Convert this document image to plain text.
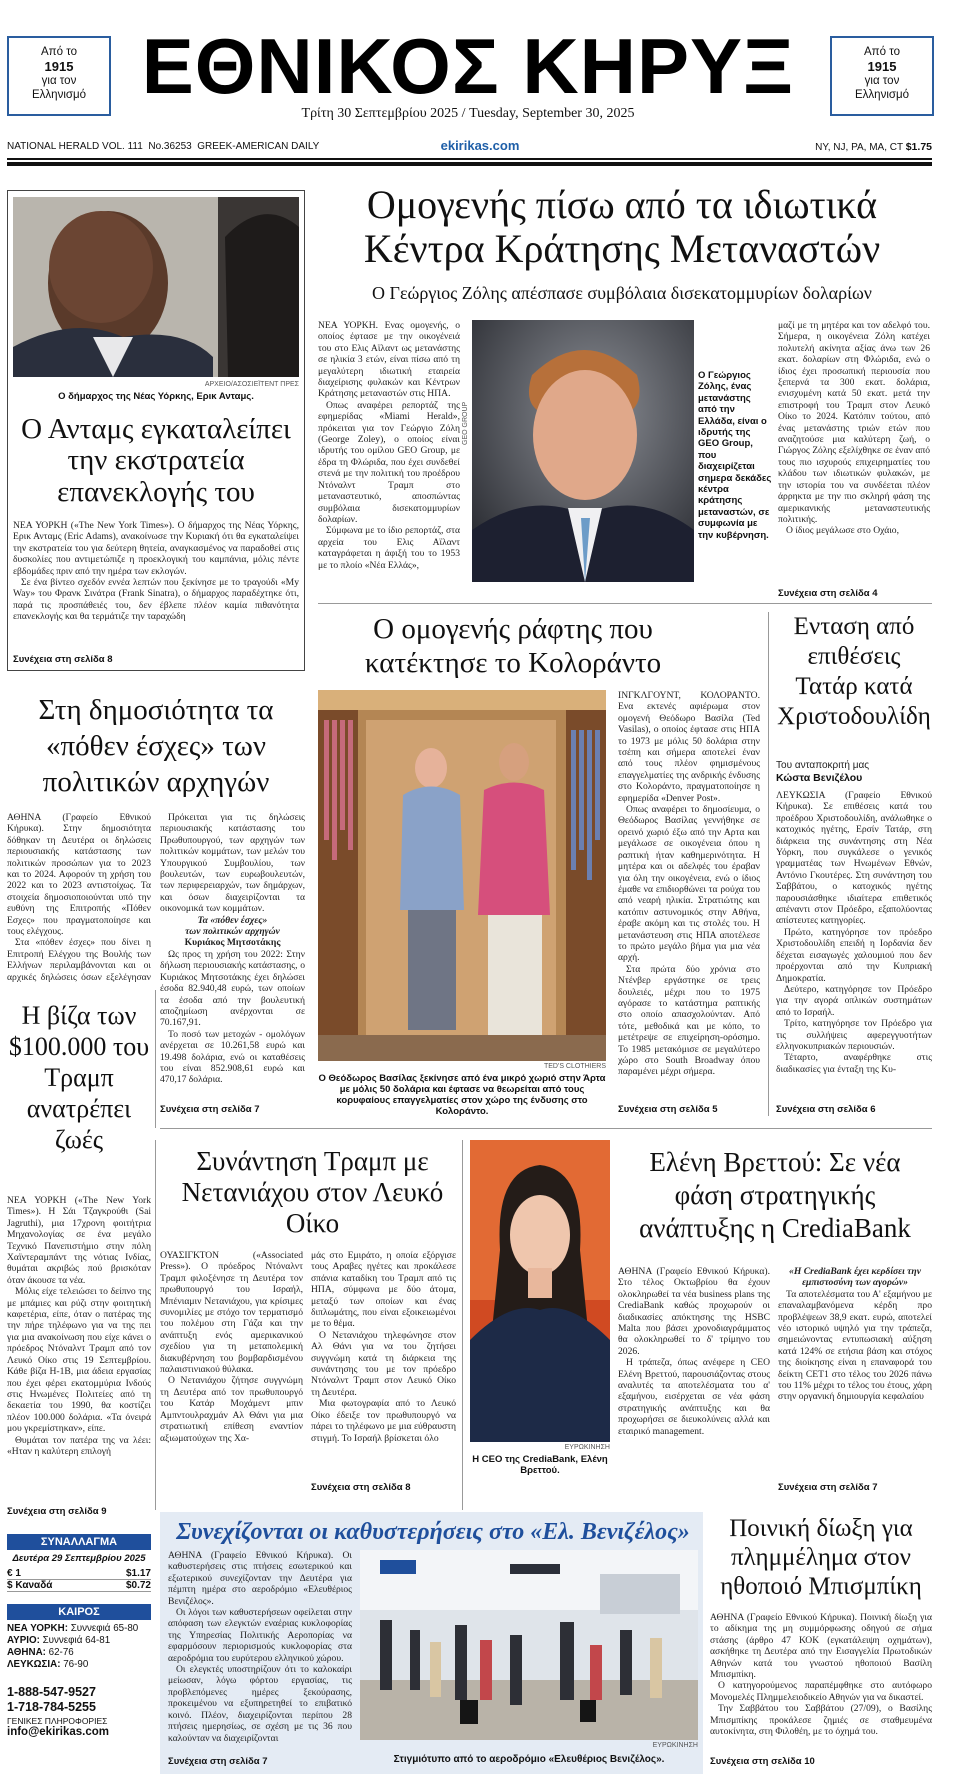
Από το
1915
για τον
Ελληνισμό
Από το
1915
για τον
Ελληνισμό
ΕΘΝΙΚΟΣ ΚΗΡΥΞ
Τρίτη 30 Σεπτεμβρίου 2025 / Tuesday, September 30, 2025
NATIONAL HERALD VOL. 111  No.36253  GREEK-AMERICAN DAILY	ekirikas.com	NY, NJ, PA, MA, CT $1.75
ΑΡΧΕΙΟ/ΑΣΟΣΙΕΪΤΕΝΤ ΠΡΕΣ
Ο δήμαρχος της Νέας Υόρκης, Ερικ Ανταμς.
Ο Ανταμς εγκαταλείπει την εκστρατεία επανεκλογής του

ΝΕΑ ΥΟΡΚΗ («The New York Times»). Ο δήμαρχος της Νέας Υόρκης, Ερικ Ανταμς (Eric Adams), ανακοίνωσε την Κυριακή ότι θα εγκαταλείψει την εκστρατεία του για δεύτερη θητεία, αναγκασμένος να παραδοθεί στις δυσκολίες που αντιμετώπιζε η προεκλογική του καμπάνια, μόλις πέντε εβδομάδες πριν από την ημέρα των εκλογών.

Σε ένα βίντεο σχεδόν εννέα λεπτών που ξεκίνησε με το τραγούδι «My Way» του Φρανκ Σινάτρα (Frank Sinatra), ο δήμαρχος παραδέχτηκε ότι, παρά τις προσπάθειές του, δεν έβλεπε πλέον καμία πιθανότητα επανεκλογής και θα τερμάτιζε την ταραχώδη

Συνέχεια στη σελίδα 8
Ομογενής πίσω από τα ιδιωτικά Κέντρα Κράτησης Μεταναστών
Ο Γεώργιος Ζόλης απέσπασε συμβόλαια δισεκατομμυρίων δολαρίων

ΝΕΑ ΥΟΡΚΗ. Ενας ομογενής, ο οποίος έφτασε με την οικογένειά του στο Ελις Αϊλαντ ως μετανάστης σε ηλικία 3 ετών, είναι πίσω από τη μεγαλύτερη ιδιωτική εταιρεία διαχείρισης φυλακών και Κέντρων Κράτησης μεταναστών στις ΗΠΑ.

Οπως αναφέρει ρεπορτάζ της εφημερίδας «Miami Herald», πρόκειται για τον Γεώργιο Ζόλη (George Zoley), ο οποίος είναι ιδρυτής του ομίλου GEO Group, με έδρα τη Φλώριδα, που έχει συνδεθεί στενά με την πολιτική του προέδρου Ντόναλντ Τραμπ στο μεταναστευτικό, αποσπώντας συμβόλαια δισεκατομμυρίων δολαρίων.

Σύμφωνα με το ίδιο ρεπορτάζ, στα αρχεία του Ελις Αϊλαντ καταγράφεται η άφιξή του το 1953 με το πλοίο «Νέα Ελλάς»,

GEO GROUP
Ο Γεώργιος Ζόλης, ένας μετανάστης από την Ελλάδα, είναι ο ιδρυτής της GEO Group, που διαχειρίζεται σημερα δεκάδες κέντρα κράτησης μεταναστών, σε συμφωνία με την κυβέρνηση.

μαζί με τη μητέρα και τον αδελφό του. Σήμερα, η οικογένεια Ζόλη κατέχει πολυτελή ακίνητα αξίας άνω των 26 εκατ. δολαρίων στη Φλώριδα, ενώ ο ίδιος έχει προσωπική περιουσία που ξεπερνά τα 300 εκατ. δολάρια, ενισχυμένη κατά 50 εκατ. μετά την επιστροφή του Τραμπ στον Λευκό Οίκο το 2024. Κατόπιν τούτου, από ένας μετανάστης τριών ετών που αναζητούσε μια καλύτερη ζωή, ο Γιώργος Ζόλης εξελίχθηκε σε έναν από τους πιο ισχυρούς επιχειρηματίες του κλάδου των ιδιωτικών φυλακών, με την ιστορία του να συνδέεται πλέον άρρηκτα με την πιο σκληρή φάση της αμερικανικής μεταναστευτικής πολιτικής.

Ο ίδιος μεγάλωσε στο Οχάιο,

Συνέχεια στη σελίδα 4
Ο ομογενής ράφτης που κατέκτησε το Κολοράντο
TED'S CLOTHIERS
Ο Θεόδωρος Βασίλας ξεκίνησε από ένα μικρό χωριό στην Άρτα με μόλις 50 δολάρια και έφτασε να θεωρείται από τους κορυφαίους επαγγελματίες στον χώρο της ένδυσης στο Κολοράντο.

ΙΝΓΚΛΓΟΥΝΤ, ΚΟΛΟΡΑΝΤΟ. Ενα εκτενές αφιέρωμα στον ομογενή Θεόδωρο Βασίλα (Ted Vasilas), ο οποίος έφτασε στις ΗΠΑ το 1973 με μόλις 50 δολάρια στην τσέπη και σήμερα αποτελεί έναν από τους πλέον φημισμένους επαγγελματίες της ανδρικής ένδυσης στο Κολοράντο, πραγματοποίησε η εφημερίδα «Denver Post».

Οπως αναφέρει το δημοσίευμα, ο Θεόδωρος Βασίλας γεννήθηκε σε ορεινό χωριό έξω από την Αρτα και μεγάλωσε σε οικογένεια όπου η ραπτική ήταν καθημερινότητα. Η μητέρα και οι αδελφές του έραβαν για όλη την οικογένεια, ενώ ο ίδιος έμαθε να επιδιορθώνει τα ρούχα του από νεαρή ηλικία. Στρατιώτης και κατόπιν αστυνομικός στην Αθήνα, έραβε ακόμη και τις στολές του. Η μετανάστευση στις ΗΠΑ αποτέλεσε το πρώτο μεγάλο βήμα για μια νέα αρχή.

Στα πρώτα δύο χρόνια στο Ντένβερ εργάστηκε σε τρεις δουλειές, μέχρι που το 1975 αγόρασε το κατάστημα ραπτικής στο οποίο απασχολούνταν. Από τότε, μεθοδικά και με κόπο, το μετέτρεψε σε επιχείρηση-ορόσημο. Το 1985 μετακόμισε σε μεγαλύτερο χώρο στο South Broadway όπου παραμένει μέχρι σήμερα.

Συνέχεια στη σελίδα 5
Ενταση από επιθέσεις Τατάρ κατά Χριστοδουλίδη
Του ανταποκριτή μας
Κώστα Βενιζέλου

ΛΕΥΚΩΣΙΑ (Γραφείο Εθνικού Κήρυκα). Σε επιθέσεις κατά του προέδρου Χριστοδουλίδη, ανάλωθηκε ο κατοχικός ηγέτης, Ερσίν Τατάρ, στη διάρκεια της συνάντησης στη Νέα Υόρκη, που συγκάλεσε ο γενικός γραμματέας των Ηνωμένων Εθνών, Αντόνιο Γκουτέρες. Στη συνάντηση του Σαββάτου, ο κατοχικός ηγέτης παρουσιάσθηκε ιδιαίτερα επιθετικός απέναντι στον Πρόεδρο, εξαπολύοντας απίστευτες κατηγορίες.

Πρώτο, κατηγόρησε τον πρόεδρο Χριστοδουλίδη επειδή η Ιορδανία δεν δέχεται εισαγωγές χαλουμιού που δεν προέρχονται από την Κυπριακή Δημοκρατία.

Δεύτερο, κατηγόρησε τον Πρόεδρο για την αγορά οπλικών συστημάτων από το Ισραήλ.

Τρίτο, κατηγόρησε τον Πρόεδρο για τις συλλήψεις αφερεγγυοτήτων ελληνοκυπριακών περιουσιών.

Τέταρτο, αναφέρθηκε στις διαδικασίες για ένταξη της Κυ-

Συνέχεια στη σελίδα 6
Στη δημοσιότητα τα «πόθεν έσχες» των πολιτικών αρχηγών

ΑΘΗΝΑ (Γραφείο Εθνικού Κήρυκα). Στην δημοσιότητα δόθηκαν τη Δευτέρα οι δηλώσεις περιουσιακής κατάστασης των πολιτικών προσώπων για το 2023 και το 2024. Αφορούν τη χρήση του 2022 και το 2023 αντιστοίχως. Τα στοιχεία δημοσιοποιούνται υπό την ευθύνη της Επιτροπής «Πόθεν Εσχες» που πραγματοποίησε και τους ελέγχους.

Στα «πόθεν έσχες» που δίνει η Επιτροπή Ελέγχου της Βουλής των Ελλήνων περιλαμβάνονται και οι αρχικές δηλώσεις όσων εξελέγησαν

Πρόκειται για τις δηλώσεις περιουσιακής κατάστασης του Πρωθυπουργού, των αρχηγών των πολιτικών κομμάτων, των μελών του Υπουργικού Συμβουλίου, των βουλευτών, των ευρωβουλευτών, των περιφερειαρχών, των δημάρχων, και όσων διαχειρίζονται τα οικονομικά των κομμάτων.

Τα «πόθεν έσχες»
των πολιτικών αρχηγών
Κυριάκος Μητσοτάκης

Ως προς τη χρήση του 2022: Στην δήλωση περιουσιακής κατάστασης, ο Κυριάκος Μητσοτάκης έχει δηλώσει έσοδα 82.940,48 ευρώ, των οποίων τα έσοδα από την βουλευτική αποζημίωση ανέρχονται σε 70.167,91.

Το ποσό των μετοχών - ομολόγων ανέρχεται σε 10.261,58 ευρώ και 19.498 δολάρια, ενώ οι καταθέσεις του είναι 852.908,61 ευρώ και 470,17 δολάρια.

Συνέχεια στη σελίδα 7
Η βίζα των $100.000 του Τραμπ ανατρέπει ζωές

ΝΕΑ ΥΟΡΚΗ («The New York Times»). Η Σάι Τζαγκρούθι (Sai Jagruthi), μια 17χρονη φοιτήτρια Μηχανολογίας σε ένα μεγάλο Τεχνικό Πανεπιστήμιο στην πόλη Χαϊντεραμπάντ της νότιας Ινδίας, θυμάται ακριβώς πού βρισκόταν όταν άκουσε τα νέα.

Μόλις είχε τελειώσει το δείπνο της με μπάμιες και ρύζι στην φοιτητική καφετέρια, είπε, όταν ο πατέρας της την πήρε τηλέφωνο για να της πει για μια ανακοίνωση που είχε κάνει ο πρόεδρος Ντόναλντ Τραμπ από τον Λευκό Οίκο στις 19 Σεπτεμβρίου. Κάθε βίζα H-1B, μια άδεια εργασίας που έχει φέρει εκατομμύρια Ινδούς στις Ηνωμένες Πολιτείες από τη δεκαετία του 1990, θα κοστίζει πλέον 100.000 δολάρια. «Τα όνειρά μου γκρεμίστηκαν», είπε.

Θυμάται τον πατέρα της να λέει: «Ηταν η καλύτερη επιλογή

Συνέχεια στη σελίδα 9
Συνάντηση Τραμπ με Νετανιάχου στον Λευκό Οίκο

ΟΥΑΣΙΓΚΤΟΝ («Associated Press»). Ο πρόεδρος Ντόναλντ Τραμπ φιλοξένησε τη Δευτέρα τον πρωθυπουργό του Ισραήλ, Μπένιαμιν Νετανιάχου, για κρίσιμες συνομιλίες με στόχο τον τερματισμό του πολέμου στη Γάζα και την ανάπτυξη ενός αμερικανικού σχεδίου για τη μεταπολεμική διακυβέρνηση του βομβαρδισμένου παλαιστινιακού θύλακα.

Ο Νετανιάχου ζήτησε συγγνώμη τη Δευτέρα από τον πρωθυπουργό του Κατάρ Μοχάμεντ μπιν Αμπντουλραχμάν Αλ Θάνι για μια στρατιωτική επίθεση εναντίον αξιωματούχων της Χα-

μάς στο Εμιράτο, η οποία εξόργισε τους Αραβες ηγέτες και προκάλεσε σπάνια καταδίκη του Τραμπ από τις ΗΠΑ, σύμφωνα με δύο άτομα, μεταξύ των οποίων και ένας διπλωμάτης, που είναι εξοικειωμένοι με το θέμα.

Ο Νετανιάχου τηλεφώνησε στον Αλ Θάνι για να του ζητήσει συγγνώμη κατά τη διάρκεια της συνάντησης του με τον πρόεδρο Ντόναλντ Τραμπ στον Λευκό Οίκο τη Δευτέρα.

Μια φωτογραφία από το Λευκό Οίκο έδειξε τον πρωθυπουργό να πάρει το τηλέφωνο με μια εύθραυστη στιγμή. Το Ισραήλ βρίσκεται όλο

Συνέχεια στη σελίδα 8
ΕΥΡΩΚΙΝΗΣΗ
Η CEO της CrediaBank, Ελένη Βρεττού.
Ελένη Βρεττού: Σε νέα φάση στρατηγικής ανάπτυξης η CrediaBank

ΑΘΗΝΑ (Γραφείο Εθνικού Κήρυκα). Στο τέλος Οκτωβρίου θα έχουν ολοκληρωθεί τα νέα business plans της CrediaBank καθώς προχωρούν οι διαδικασίες απόκτησης της HSBC Malta που βάσει χρονοδιαγράμματος θα ολοκληρωθεί το δ' τρίμηνο του 2026.

Η τράπεζα, όπως ανέφερε η CEO Ελένη Βρεττού, παρουσιάζοντας στους αναλυτές τα αποτελέσματα του α' εξαμήνου, εισέρχεται σε νέα φάση στρατηγικής ανάπτυξης και θα προχωρήσει σε διευκολύνεις αλλά και εταιρικό management.

«Η CrediaBank έχει κερδίσει την εμπιστοσύνη των αγορών»

Τα αποτελέσματα του Α' εξαμήνου με επαναλαμβανόμενα κέρδη προ προβλέψεων 38,9 εκατ. ευρώ, αποτελεί νέο ιστορικό υψηλό για την τράπεζα, σημειώνοντας εντυπωσιακή αύξηση κατά 124% σε ετήσια βάση και στόχος της διοίκησης είναι η επαναφορά του δείκτη CET1 στο τέλος του 2026 πάνω του 11% μέχρι το τέλος του έτους, χάρη στην οργανική δημιουργία κεφαλαίου

Συνέχεια στη σελίδα 7
ΣΥΝΑΛΛΑΓΜΑ
Δευτέρα 29 Σεπτεμβρίου 2025
€ 1	$1.17
$ Καναδά	$0.72
ΚΑΙΡΟΣ
ΝΕΑ ΥΟΡΚΗ: Συννεφιά 65-80
ΑΥΡΙΟ: Συννεφιά 64-81
ΑΘΗΝΑ: 62-76
ΛΕΥΚΩΣΙΑ: 76-90
1-888-547-9527
1-718-784-5255
ΓΕΝΙΚΕΣ ΠΛΗΡΟΦΟΡΙΕΣ
info@ekirikas.com
Συνεχίζονται οι καθυστερήσεις στο «Ελ. Βενιζέλος»

ΑΘΗΝΑ (Γραφείο Εθνικού Κήρυκα). Οι καθυστερήσεις στις πτήσεις εσωτερικού και εξωτερικού συνεχίζονταν την Δευτέρα για πέμπτη ημέρα στο αεροδρόμιο «Ελευθέριος Βενιζέλος».

Οι λόγοι των καθυστερήσεων οφείλεται στην απόφαση των ελεγκτών εναέριας κυκλοφορίας της Υπηρεσίας Πολιτικής Αεροπορίας να εφαρμόσουν περιορισμούς κυκλοφορίας στα αεροδρόμια του ευρύτερου ελληνικού χώρου.

Οι ελεγκτές υποστηρίζουν ότι το καλοκαίρι μείωσαν, λόγω φόρτου εργασίας, τις προβλεπόμενες ημέρες ξεκούρασης, προκειμένου να εξυπηρετηθεί το επιβατικό κοινό. Πλέον, διαχειρίζονται περίπου 28 πτήσεις ημερησίως, σε σχέση με τις 36 που καλούνταν να διαχειρίζονται

ΕΥΡΩΚΙΝΗΣΗ
Στιγμιότυπο από το αεροδρόμιο «Ελευθέριος Βενιζέλος».
Συνέχεια στη σελίδα 7
Ποινική δίωξη για πλημμέλημα στον ηθοποιό Μπισμπίκη

ΑΘΗΝΑ (Γραφείο Εθνικού Κήρυκα). Ποινική δίωξη για το αδίκημα της μη συμμόρφωσης οδηγού σε σήμα στάσης (άρθρο 47 ΚΟΚ (εγκατάλειψη οχημάτων), ασκήθηκε τη Δευτέρα από την Εισαγγελία Πρωτοδικών Αθηνών κατά του γνωστού ηθοποιού Βασίλη Μπισμπίκη.

Ο κατηγορούμενος παραπέμφθηκε στο αυτόφωρο Μονομελές Πλημμελειοδικείο Αθηνών για να δικαστεί.

Την Σαββάτου του Σαββάτου (27/09), ο Βασίλης Μπισμπίκης προκάλεσε ζημιές σε σταθμευμένα αυτοκίνητα, στη Φιλοθέη, με το όχημά του.

Συνέχεια στη σελίδα 10
